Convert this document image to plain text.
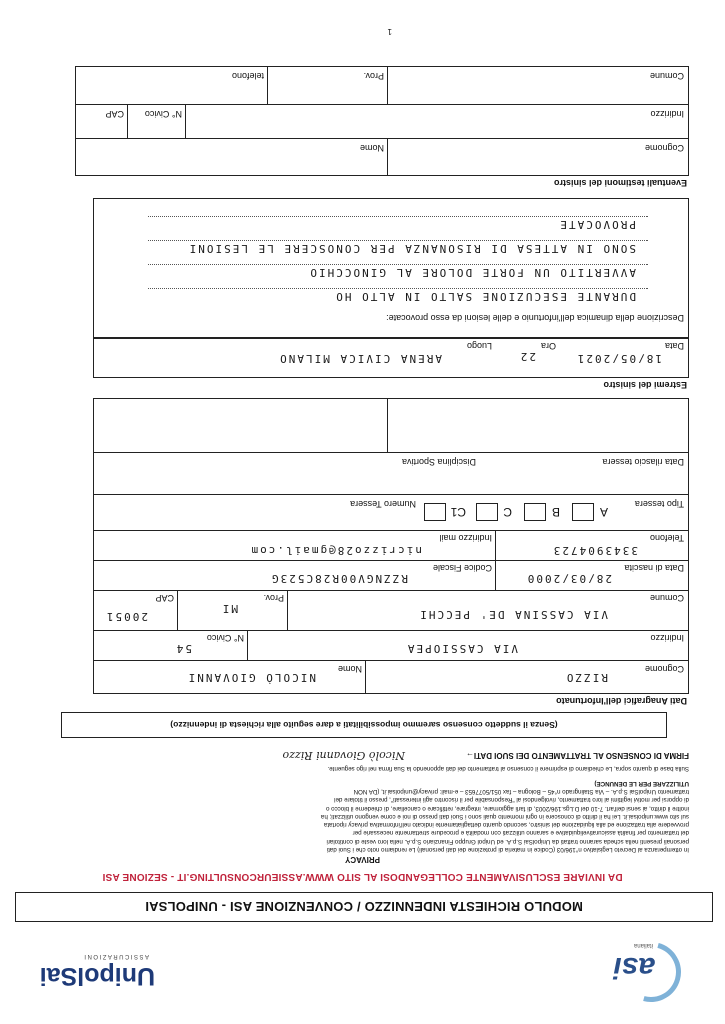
asi
italiana
UnipolSai
ASSICURAZIONI
MODULO RICHIESTA INDENNIZZO / CONVENZIONE ASI - UNIPOLSAI
DA INVIARE ESCLUSIVAMENTE COLLEGANDOSI AL SITO WWW.ASSIEURCONSULTING.IT - SEZIONE ASI
PRIVACY
In ottemperanza al Decreto Legislativo n°196/03 (Codice in materia di protezione dei dati personali) Le rendiamo noto che i Suoi dati
personali presenti nella scheda saranno trattati da UnipolSai S.p.A. ed Unipol Gruppo Finanziario S.p.A. nella loro veste di contitolari
del trattamento per finalità assicurativeliquidative e saranno utilizzati con modalità e procedure strettamente necessarie per
provvedere alla trattazione ed alla liquidazione del sinistro, secondo quanto dettagliatamente indicato nell'informativa privacy riportata
sul sito www.unipolsai.it. Lei ha il diritto di conoscere in ogni momento quali sono i Suoi dati presso di noi e come vengono utilizzati; ha
inoltre il diritto, ai sensi dell'art. 7-10 del D.Lgs.196/2003, di farli aggiornare, integrare, rettificare o cancellare, di chiederne il blocco o
di opporsi per motivi legittimi al loro trattamento, rivolgendosi al "Responsabile per il riscontro agli interessati", presso il titolare del
trattamento UnipolSai S.p.A. – Via Stalingrado n°45 – Bologna – fax 051/5077653 – e-mail: privacy@unipolsai.it, (DA NON
UTILIZZARE PER LE DENUNCE)
Sulla base di quanto sopra, Le chiediamo di esprimere il consenso al trattamento dei dati apponendo la Sua firma nel rigo seguente.
FIRMA DI CONSENSO AL TRATTAMENTO DEI SUOI DATI→
Nicolò Giovanni Rizzo
(Senza il suddetto consenso saremmo impossibilitati a dare seguito alla richiesta di indennizzo)
Dati Anagrafici dell'Infortunato
Cognome
RIZZO
Nome
NICOLÒ GIOVANNI
Indirizzo
VIA CASSIOPEA
N° Civico
54
Comune
VIA CASSINA DE' PECCHI
Prov.
MI
CAP
20051
Data di nascita
28/03/2000
Codice Fiscale
RZZNGV00R28C523G
Telefono
3343904723
Indirizzo mail
nicrizzo28@gmail.com
Tipo tessera
A
B
C
C1
Numero Tessera
Data rilascio tessera
Disciplina Sportiva
Estremi del sinistro
Data
18/05/2021
Ora
22
Luogo
ARENA CIVICA MILANO
Descrizione della dinamica dell'infortunio e delle lesioni da esso provocate:
DURANTE ESECUZIONE SALTO IN ALTO HO
AVVERTITO UN FORTE DOLORE AL GINOCCHIO
SONO IN ATTESA DI RISONANZA PER CONOSCERE LE LESIONI
PROVOCATE
Eventuali testimoni del sinistro
Cognome
Nome
Indirizzo
N° Civico
CAP
Comune
Prov.
telefono
1
